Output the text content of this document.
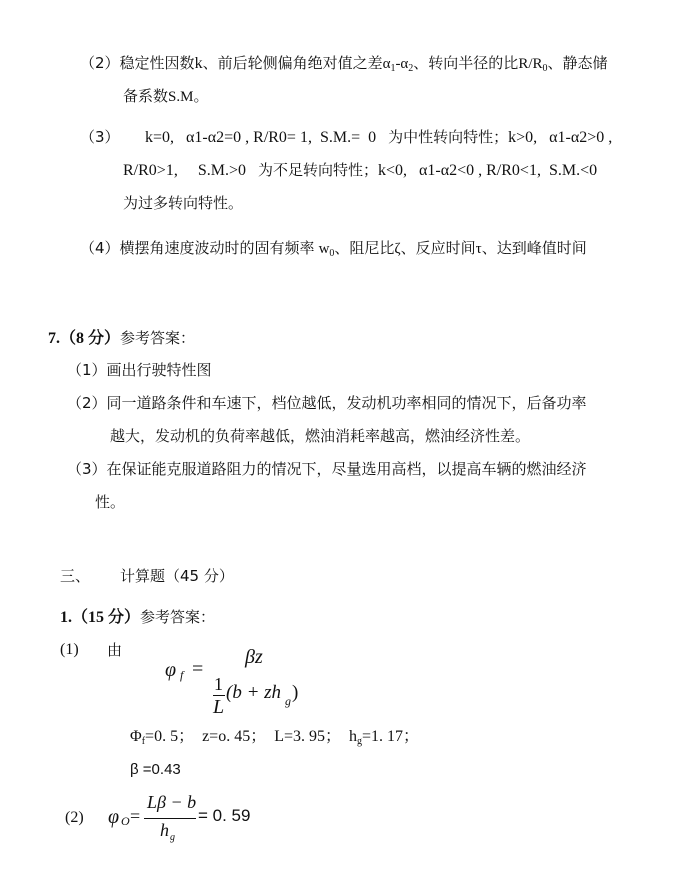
（2）稳定性因数k、前后轮侧偏角绝对值之差$\alpha_1-\alpha_2$、转向半径的比$R/R_0$、静态储
备系数S.M。
（3） k=0,   α1-α2=0 , R/R0= 1,  S.M.=  0 为中性转向特性；k>0,   α1-α2>0 ,
R/R0>1,     S.M.>0 为不足转向特性；k<0,   α1-α2<0 , R/R0<1,  S.M.<0
为过多转向特性。
（4）横摆角速度波动时的固有频率 $w_0$、阻尼比ζ、反应时间τ、达到峰值时间
7.（8 分）参考答案：
（1）画出行驶特性图
（2）同一道路条件和车速下，档位越低，发动机功率相同的情况下，后备功率
越大，发动机的负荷率越低，燃油消耗率越高，燃油经济性差。
（3）在保证能克服道路阻力的情况下，尽量选用高档，以提高车辆的燃油经济
性。
三、 计算题（45 分）
1.（15 分）参考答案：
(1) 由
φ f =
βz
1
L
(b + zh g )
$\Phi_f=0$. 5；  z=o. 45；  L=3. 95；  $h_g=1$. 17；
β =0.43
(2) φ O =
Lβ − b
h g
= 0. 59
